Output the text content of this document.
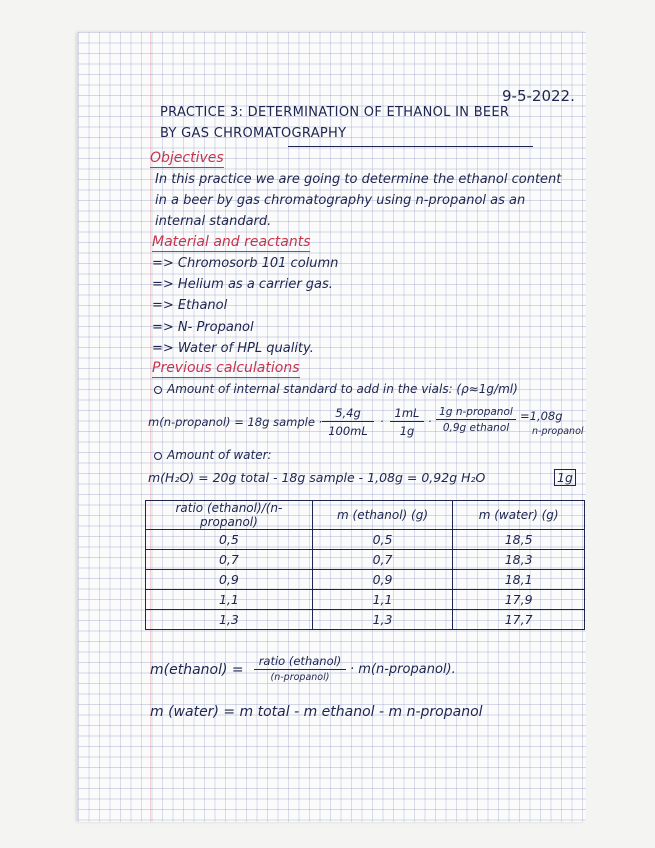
9-5-2022.
PRACTICE 3: DETERMINATION OF ETHANOL IN BEER
BY GAS CHROMATOGRAPHY
Objectives
In this practice we are going to determine the ethanol content
in a beer by gas chromatography using n-propanol as an
internal standard.
Material and reactants
=> Chromosorb 101 column
=> Helium as a carrier gas.
=> Ethanol
=> N- Propanol
=> Water of HPL quality.
Previous calculations
Amount of internal standard to add in the vials: (ρ≈1g/ml)
m(n-propanol) = 18g sample · $\frac{5,4g}{100mL} \cdot \frac{1mL}{1g}$ ·
1g n-propanol
0,9g ethanol
=1,08g
n-propanol
Amount of water:
m(H₂O) = 20g total - 18g sample - 1,08g = 0,92g H₂O	1g
ratio (ethanol)/(n-propanol)	m (ethanol) (g)	m (water) (g)
0,5	0,5	18,5
0,7	0,7	18,3
0,9	0,9	18,1
1,1	1,1	17,9
1,3	1,3	17,7
m(ethanol) =
ratio (ethanol)
(n-propanol)
· m(n-propanol).
m (water) = m total - m ethanol - m n-propanol
